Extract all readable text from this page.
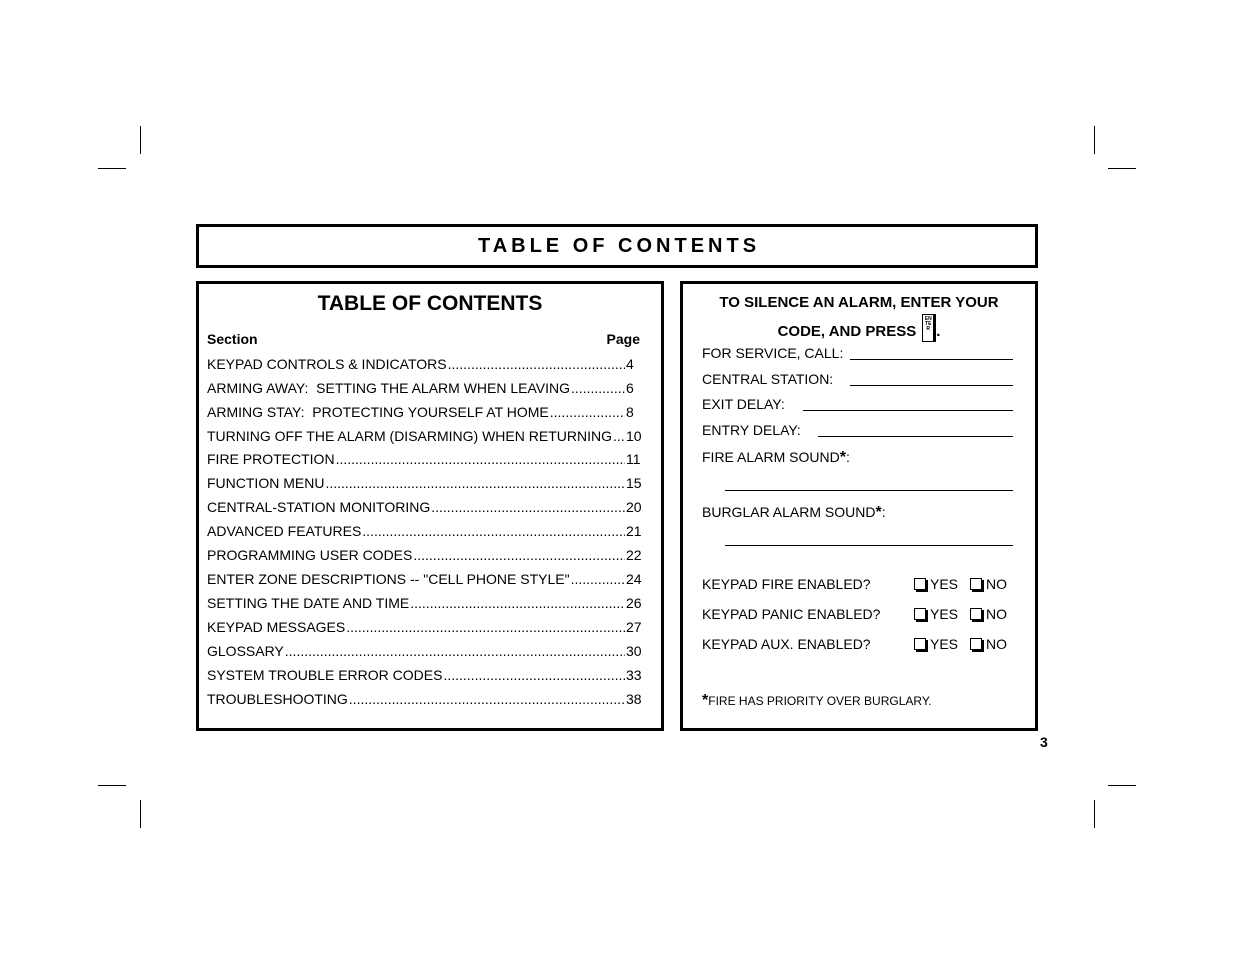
TABLE OF CONTENTS
TABLE OF CONTENTS
Section	Page
KEYPAD CONTROLS & INDICATORS .....	4
ARMING AWAY:  SETTING THE ALARM WHEN LEAVING .....	6
ARMING STAY:  PROTECTING YOURSELF AT HOME .....	8
TURNING OFF THE ALARM (DISARMING) WHEN RETURNING ..... 10
FIRE PROTECTION .....	11
FUNCTION MENU .....	15
CENTRAL-STATION MONITORING .....	20
ADVANCED FEATURES .....	21
PROGRAMMING USER CODES .....	22
ENTER ZONE DESCRIPTIONS -- "CELL PHONE STYLE" .....	24
SETTING THE DATE AND TIME .....	26
KEYPAD MESSAGES .....	27
GLOSSARY .....	30
SYSTEM TROUBLE ERROR CODES .....	33
TROUBLESHOOTING .....	38
TO SILENCE AN ALARM, ENTER YOUR
CODE, AND PRESS
ENTER .
FOR SERVICE, CALL:
CENTRAL STATION:
EXIT DELAY:
ENTRY DELAY:
FIRE ALARM SOUND*:
BURGLAR ALARM SOUND*:
KEYPAD FIRE ENABLED?	YES NO
KEYPAD PANIC ENABLED?	YES NO
KEYPAD AUX. ENABLED?	YES NO
*FIRE HAS PRIORITY OVER BURGLARY.
3
